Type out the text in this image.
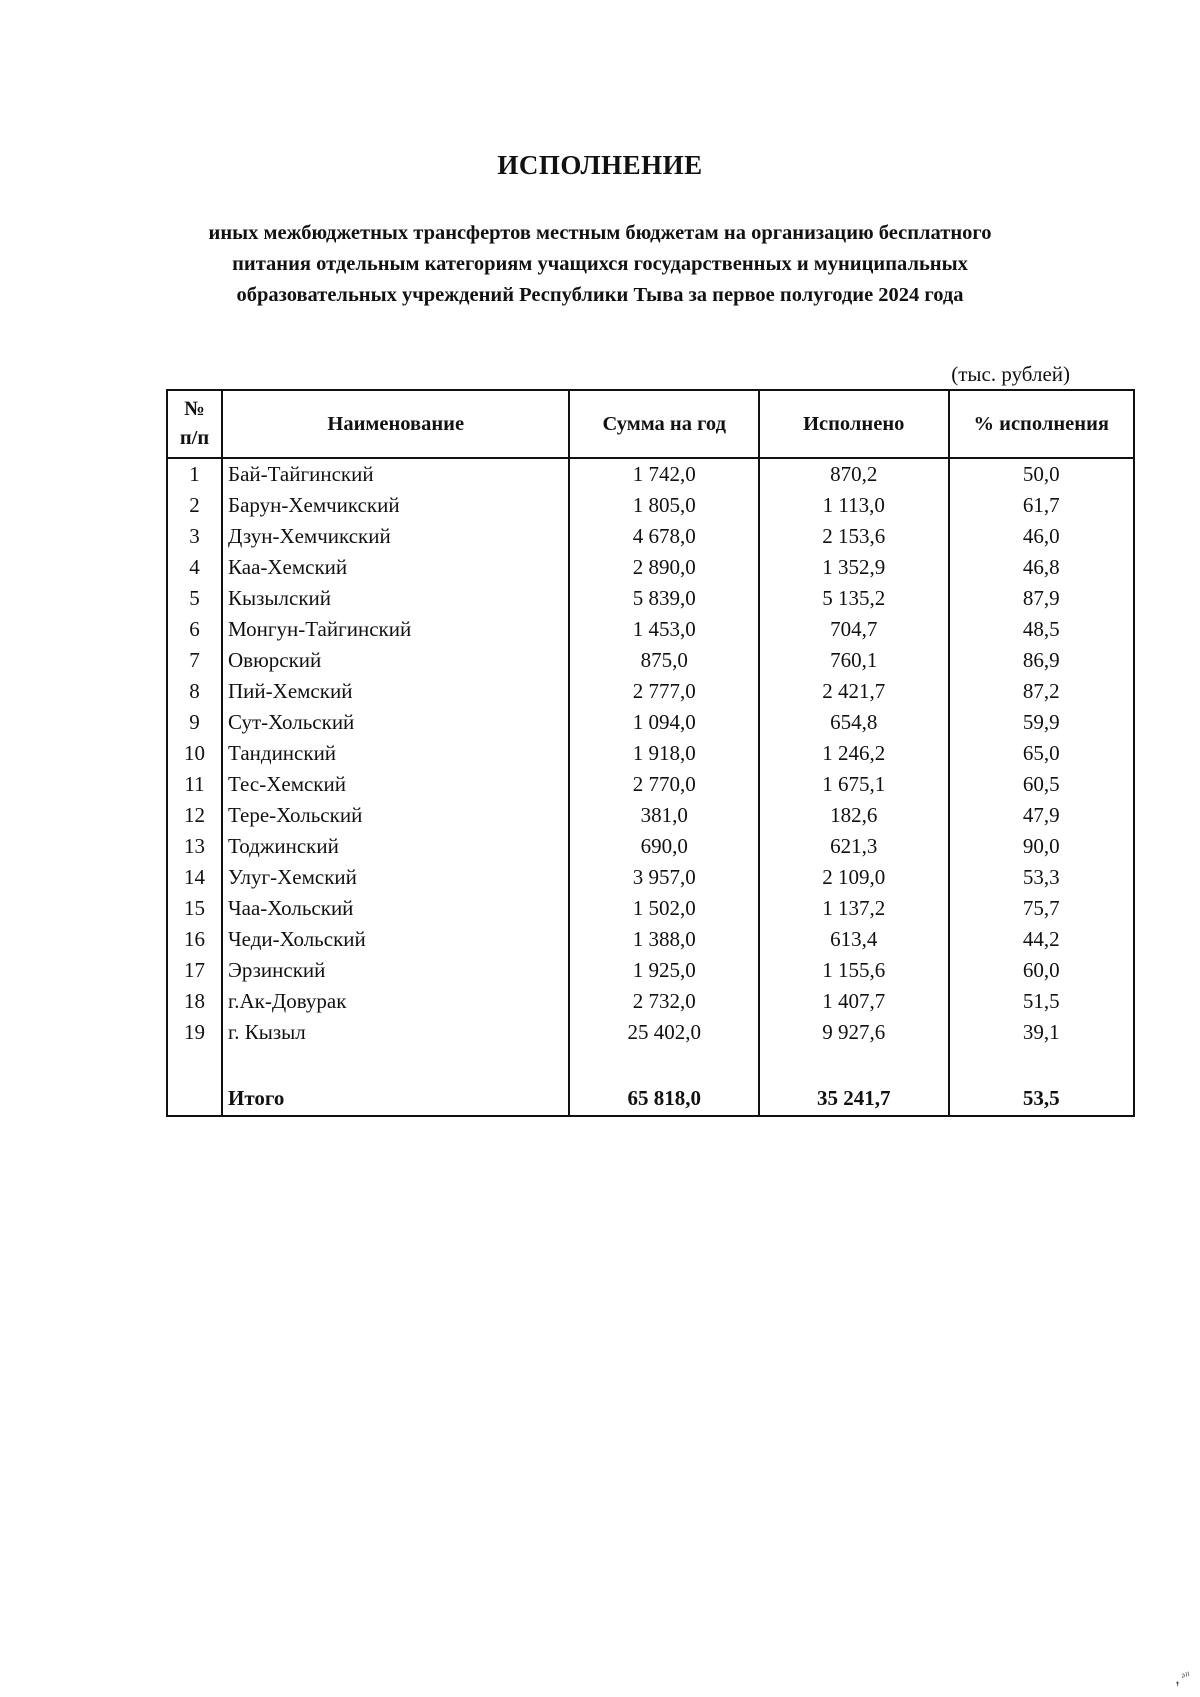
ИСПОЛНЕНИЕ
иных межбюджетных трансфертов местным бюджетам на организацию бесплатного
питания отдельным категориям учащихся государственных и муниципальных
образовательных учреждений Республики Тыва за первое полугодие 2024 года
(тыс. рублей)
№
п/п	Наименование	Сумма на год	Исполнено	% исполнения
1	Бай-Тайгинский	1 742,0	870,2	50,0
2	Барун-Хемчикский	1 805,0	1 113,0	61,7
3	Дзун-Хемчикский	4 678,0	2 153,6	46,0
4	Каа-Хемский	2 890,0	1 352,9	46,8
5	Кызылский	5 839,0	5 135,2	87,9
6	Монгун-Тайгинский	1 453,0	704,7	48,5
7	Овюрский	875,0	760,1	86,9
8	Пий-Хемский	2 777,0	2 421,7	87,2
9	Сут-Хольский	1 094,0	654,8	59,9
10	Тандинский	1 918,0	1 246,2	65,0
11	Тес-Хемский	2 770,0	1 675,1	60,5
12	Тере-Хольский	381,0	182,6	47,9
13	Тоджинский	690,0	621,3	90,0
14	Улуг-Хемский	3 957,0	2 109,0	53,3
15	Чаа-Хольский	1 502,0	1 137,2	75,7
16	Чеди-Хольский	1 388,0	613,4	44,2
17	Эрзинский	1 925,0	1 155,6	60,0
18	г.Ак-Довурак	2 732,0	1 407,7	51,5
19	г. Кызыл	25 402,0	9 927,6	39,1

	Итого	65 818,0	35 241,7	53,5
ꓹ ᵊᶦᶦ
